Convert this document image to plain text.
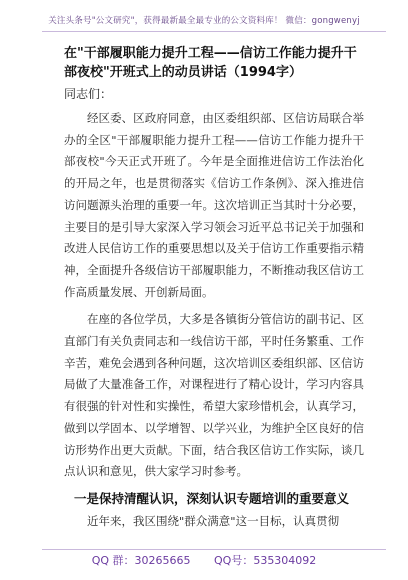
关注头条号"公文研究"，获得最新最全最专业的公文资料库！ 微信：gongwenyj
在"干部履职能力提升工程——信访工作能力提升干部夜校"开班式上的动员讲话（1994字）
同志们：

经区委、区政府同意，由区委组织部、区信访局联合举办的全区"干部履职能力提升工程——信访工作能力提升干部夜校"今天正式开班了。今年是全面推进信访工作法治化的开局之年，也是贯彻落实《信访工作条例》、深入推进信访问题源头治理的重要一年。这次培训正当其时十分必要，主要目的是引导大家深入学习领会习近平总书记关于加强和改进人民信访工作的重要思想以及关于信访工作重要指示精神，全面提升各级信访干部履职能力，不断推动我区信访工作高质量发展、开创新局面。

在座的各位学员，大多是各镇街分管信访的副书记、区直部门有关负责同志和一线信访干部，平时任务繁重、工作辛苦，难免会遇到各种问题，这次培训区委组织部、区信访局做了大量准备工作，对课程进行了精心设计，学习内容具有很强的针对性和实操性，希望大家珍惜机会，认真学习，做到以学固本、以学增智、以学兴业，为维护全区良好的信访形势作出更大贡献。下面，结合我区信访工作实际，谈几点认识和意见，供大家学习时参考。

一是保持清醒认识，深刻认识专题培训的重要意义

近年来，我区围绕"群众满意"这一目标，认真贯彻

QQ 群：30265665 QQ号：535304092
